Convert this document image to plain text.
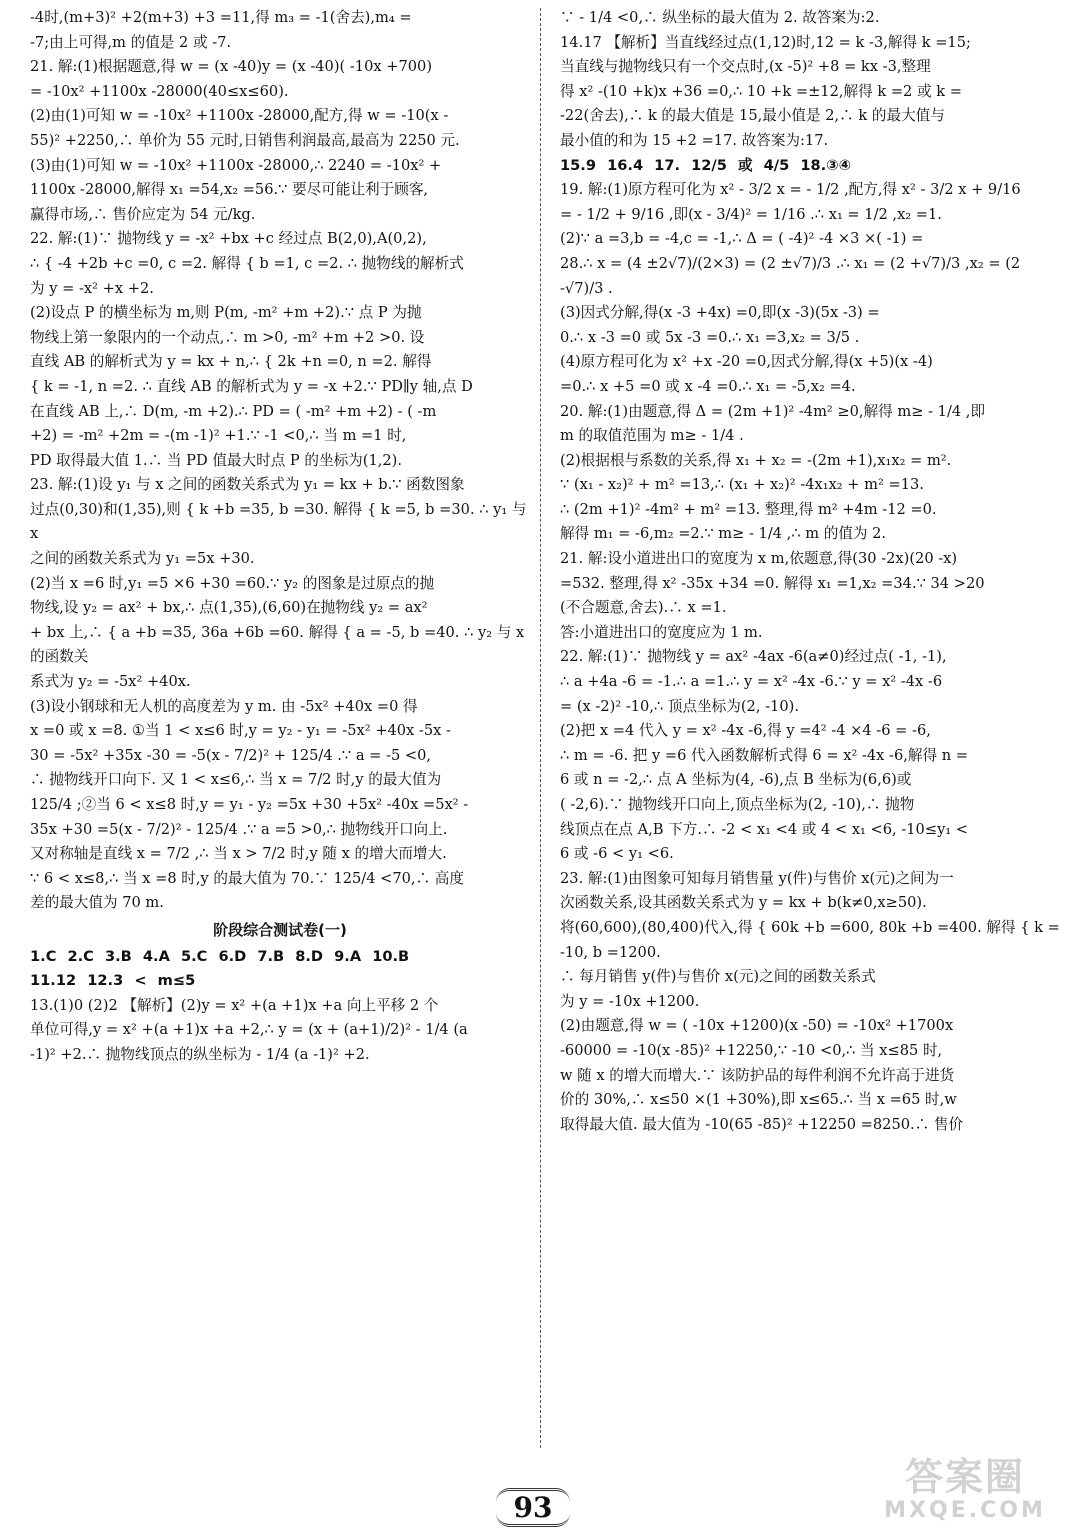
-4时,(m+3)² +2(m+3) +3 =11,得 m₃ = -1(舍去),m₄ =
-7;由上可得,m 的值是 2 或 -7.
21. 解:(1)根据题意,得 w = (x -40)y = (x -40)( -10x +700)
= -10x² +1100x -28000(40≤x≤60).
(2)由(1)可知 w = -10x² +1100x -28000,配方,得 w = -10(x -
55)² +2250,∴ 单价为 55 元时,日销售利润最高,最高为 2250 元.
(3)由(1)可知 w = -10x² +1100x -28000,∴ 2240 = -10x² +
1100x -28000,解得 x₁ =54,x₂ =56.∵ 要尽可能让利于顾客,
赢得市场,∴ 售价应定为 54 元/kg.
22. 解:(1)∵ 抛物线 y = -x² +bx +c 经过点 B(2,0),A(0,2),
∴ { -4 +2b +c =0, c =2. 解得 { b =1, c =2. ∴ 抛物线的解析式
为 y = -x² +x +2.
(2)设点 P 的横坐标为 m,则 P(m, -m² +m +2).∵ 点 P 为抛
物线上第一象限内的一个动点,∴ m >0, -m² +m +2 >0. 设
直线 AB 的解析式为 y = kx + n,∴ { 2k +n =0, n =2. 解得
{ k = -1, n =2. ∴ 直线 AB 的解析式为 y = -x +2.∵ PD∥y 轴,点 D
在直线 AB 上,∴ D(m, -m +2).∴ PD = ( -m² +m +2) - ( -m
+2) = -m² +2m = -(m -1)² +1.∵ -1 <0,∴ 当 m =1 时,
PD 取得最大值 1.∴ 当 PD 值最大时点 P 的坐标为(1,2).
23. 解:(1)设 y₁ 与 x 之间的函数关系式为 y₁ = kx + b.∵ 函数图象
过点(0,30)和(1,35),则 { k +b =35, b =30. 解得 { k =5, b =30. ∴ y₁ 与 x
之间的函数关系式为 y₁ =5x +30.
(2)当 x =6 时,y₁ =5 ×6 +30 =60.∵ y₂ 的图象是过原点的抛
物线,设 y₂ = ax² + bx,∴ 点(1,35),(6,60)在抛物线 y₂ = ax²
+ bx 上,∴ { a +b =35, 36a +6b =60. 解得 { a = -5, b =40. ∴ y₂ 与 x 的函数关
系式为 y₂ = -5x² +40x.
(3)设小钢球和无人机的高度差为 y m. 由 -5x² +40x =0 得
x =0 或 x =8. ①当 1 < x≤6 时,y = y₂ - y₁ = -5x² +40x -5x -
30 = -5x² +35x -30 = -5(x - 7/2)² + 125/4 .∵ a = -5 <0,
∴ 抛物线开口向下. 又 1 < x≤6,∴ 当 x = 7/2 时,y 的最大值为
125/4 ;②当 6 < x≤8 时,y = y₁ - y₂ =5x +30 +5x² -40x =5x² -
35x +30 =5(x - 7/2)² - 125/4 .∵ a =5 >0,∴ 抛物线开口向上.
又对称轴是直线 x = 7/2 ,∴ 当 x > 7/2 时,y 随 x 的增大而增大.
∵ 6 < x≤8,∴ 当 x =8 时,y 的最大值为 70.∵ 125/4 <70,∴ 高度
差的最大值为 70 m.
阶段综合测试卷(一)
1.C 2.C 3.B 4.A 5.C 6.D 7.B 8.D 9.A 10.B
11.12 12.3 < m≤5
13.(1)0 (2)2 【解析】(2)y = x² +(a +1)x +a 向上平移 2 个
单位可得,y = x² +(a +1)x +a +2,∴ y = (x + (a+1)/2)² - 1/4 (a
-1)² +2.∴ 抛物线顶点的纵坐标为 - 1/4 (a -1)² +2.
∵ - 1/4 <0,∴ 纵坐标的最大值为 2. 故答案为:2.
14.17 【解析】当直线经过点(1,12)时,12 = k -3,解得 k =15;
当直线与抛物线只有一个交点时,(x -5)² +8 = kx -3,整理
得 x² -(10 +k)x +36 =0,∴ 10 +k =±12,解得 k =2 或 k =
-22(舍去),∴ k 的最大值是 15,最小值是 2,∴ k 的最大值与
最小值的和为 15 +2 =17. 故答案为:17.
15.9 16.4 17. 12/5 或 4/5 18.③④
19. 解:(1)原方程可化为 x² - 3/2 x = - 1/2 ,配方,得 x² - 3/2 x + 9/16
= - 1/2 + 9/16 ,即(x - 3/4)² = 1/16 .∴ x₁ = 1/2 ,x₂ =1.
(2)∵ a =3,b = -4,c = -1,∴ Δ = ( -4)² -4 ×3 ×( -1) =
28.∴ x = (4 ±2√7)/(2×3) = (2 ±√7)/3 .∴ x₁ = (2 +√7)/3 ,x₂ = (2 -√7)/3 .
(3)因式分解,得(x -3 +4x) =0,即(x -3)(5x -3) =
0.∴ x -3 =0 或 5x -3 =0.∴ x₁ =3,x₂ = 3/5 .
(4)原方程可化为 x² +x -20 =0,因式分解,得(x +5)(x -4)
=0.∴ x +5 =0 或 x -4 =0.∴ x₁ = -5,x₂ =4.
20. 解:(1)由题意,得 Δ = (2m +1)² -4m² ≥0,解得 m≥ - 1/4 ,即
m 的取值范围为 m≥ - 1/4 .
(2)根据根与系数的关系,得 x₁ + x₂ = -(2m +1),x₁x₂ = m².
∵ (x₁ - x₂)² + m² =13,∴ (x₁ + x₂)² -4x₁x₂ + m² =13.
∴ (2m +1)² -4m² + m² =13. 整理,得 m² +4m -12 =0.
解得 m₁ = -6,m₂ =2.∵ m≥ - 1/4 ,∴ m 的值为 2.
21. 解:设小道进出口的宽度为 x m,依题意,得(30 -2x)(20 -x)
=532. 整理,得 x² -35x +34 =0. 解得 x₁ =1,x₂ =34.∵ 34 >20
(不合题意,舍去).∴ x =1.
答:小道进出口的宽度应为 1 m.
22. 解:(1)∵ 抛物线 y = ax² -4ax -6(a≠0)经过点( -1, -1),
∴ a +4a -6 = -1.∴ a =1.∴ y = x² -4x -6.∵ y = x² -4x -6
= (x -2)² -10,∴ 顶点坐标为(2, -10).
(2)把 x =4 代入 y = x² -4x -6,得 y =4² -4 ×4 -6 = -6,
∴ m = -6. 把 y =6 代入函数解析式得 6 = x² -4x -6,解得 n =
6 或 n = -2,∴ 点 A 坐标为(4, -6),点 B 坐标为(6,6)或
( -2,6).∵ 抛物线开口向上,顶点坐标为(2, -10),∴ 抛物
线顶点在点 A,B 下方.∴ -2 < x₁ <4 或 4 < x₁ <6, -10≤y₁ <
6 或 -6 < y₁ <6.
23. 解:(1)由图象可知每月销售量 y(件)与售价 x(元)之间为一
次函数关系,设其函数关系式为 y = kx + b(k≠0,x≥50).
将(60,600),(80,400)代入,得 { 60k +b =600, 80k +b =400. 解得 { k = -10, b =1200.
∴ 每月销售 y(件)与售价 x(元)之间的函数关系式
为 y = -10x +1200.
(2)由题意,得 w = ( -10x +1200)(x -50) = -10x² +1700x
-60000 = -10(x -85)² +12250,∵ -10 <0,∴ 当 x≤85 时,
w 随 x 的增大而增大.∵ 该防护品的每件利润不允许高于进货
价的 30%,∴ x≤50 ×(1 +30%),即 x≤65.∴ 当 x =65 时,w
取得最大值. 最大值为 -10(65 -85)² +12250 =8250.∴ 售价
93
答案圈
MXQE.COM
